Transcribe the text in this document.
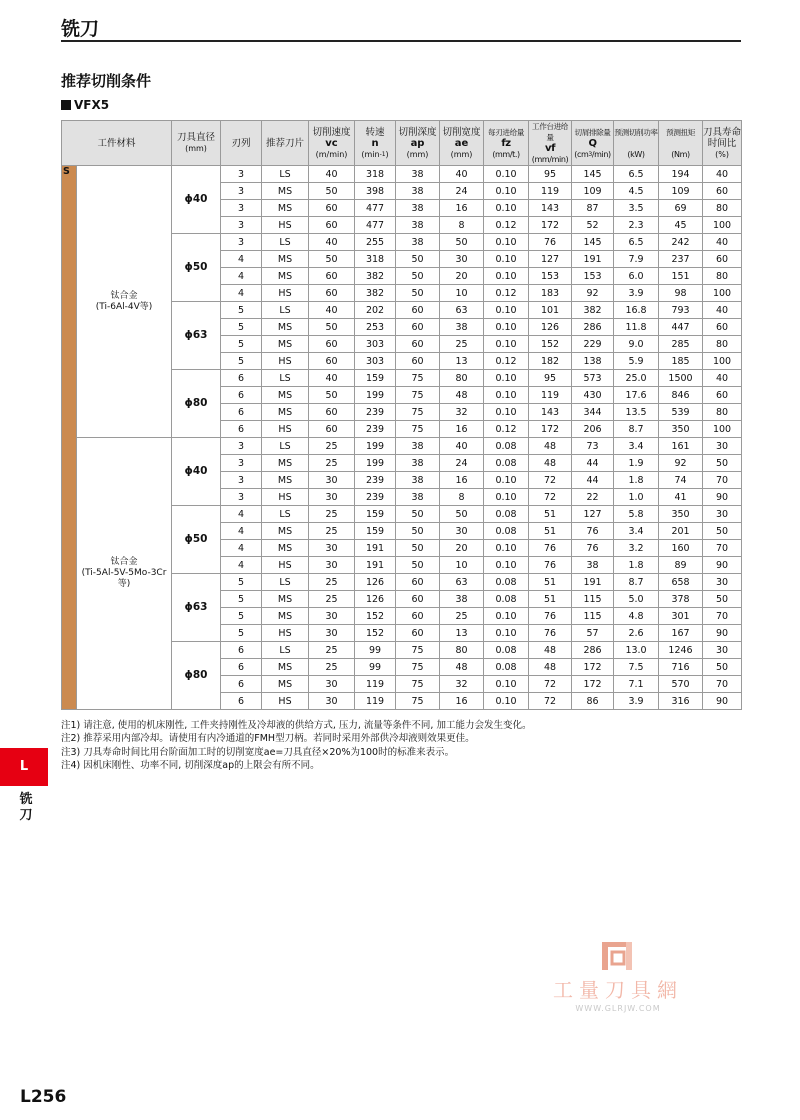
铣刀
推荐切削条件
VFX5
工件材料		刀具直径
(mm)	刃列	推荐刀片	切削速度
vc
(m/min)	转速
n
$(\min^{-1})$	切削深度
ap
(mm)	切削宽度
ae
(mm)	每刃进给量
fz
(mm/t.)	工作台进给量
vf
(mm/min)	切屑排除量
Q
$(cm^3/\min)$	预测切削功率

(kW)	预测扭矩

(Nm)	刀具寿命
时间比
(%)
S	钛合金
(Ti-6Al-4V等)	ϕ40	3	LS	40	318	38	40	0.10	95	145	6.5	194	40
			3	MS	50	398	38	24	0.10	119	109	4.5	109	60
			3	MS	60	477	38	16	0.10	143	87	3.5	69	80
			3	HS	60	477	38	8	0.12	172	52	2.3	45	100
		ϕ50	3	LS	40	255	38	50	0.10	76	145	6.5	242	40
			4	MS	50	318	50	30	0.10	127	191	7.9	237	60
			4	MS	60	382	50	20	0.10	153	153	6.0	151	80
			4	HS	60	382	50	10	0.12	183	92	3.9	98	100
		ϕ63	5	LS	40	202	60	63	0.10	101	382	16.8	793	40
			5	MS	50	253	60	38	0.10	126	286	11.8	447	60
			5	MS	60	303	60	25	0.10	152	229	9.0	285	80
			5	HS	60	303	60	13	0.12	182	138	5.9	185	100
		ϕ80	6	LS	40	159	75	80	0.10	95	573	25.0	1500	40
			6	MS	50	199	75	48	0.10	119	430	17.6	846	60
			6	MS	60	239	75	32	0.10	143	344	13.5	539	80
			6	HS	60	239	75	16	0.12	172	206	8.7	350	100

	钛合金
(Ti-5Al-5V-5Mo-3Cr等)	ϕ40	3	LS	25	199	38	40	0.08	48	73	3.4	161	30
			3	MS	25	199	38	24	0.08	48	44	1.9	92	50
			3	MS	30	239	38	16	0.10	72	44	1.8	74	70
			3	HS	30	239	38	8	0.10	72	22	1.0	41	90
		ϕ50	4	LS	25	159	50	50	0.08	51	127	5.8	350	30
			4	MS	25	159	50	30	0.08	51	76	3.4	201	50
			4	MS	30	191	50	20	0.10	76	76	3.2	160	70
			4	HS	30	191	50	10	0.10	76	38	1.8	89	90
		ϕ63	5	LS	25	126	60	63	0.08	51	191	8.7	658	30
			5	MS	25	126	60	38	0.08	51	115	5.0	378	50
			5	MS	30	152	60	25	0.10	76	115	4.8	301	70
			5	HS	30	152	60	13	0.10	76	57	2.6	167	90
		ϕ80	6	LS	25	99	75	80	0.08	48	286	13.0	1246	30
			6	MS	25	99	75	48	0.08	48	172	7.5	716	50
			6	MS	30	119	75	32	0.10	72	172	7.1	570	70
			6	HS	30	119	75	16	0.10	72	86	3.9	316	90
注1) 请注意, 使用的机床刚性, 工件夹持刚性及冷却液的供给方式, 压力, 流量等条件不同, 加工能力会发生变化。
注2) 推荐采用内部冷却。请使用有内冷通道的FMH型刀柄。若同时采用外部供冷却液则效果更佳。
注3) 刀具寿命时间比用台阶面加工时的切削宽度ae=刀具直径×20%为100时的标准来表示。
注4) 因机床刚性、功率不同, 切削深度ap的上限会有所不同。
L
铣
刀
工量刀具網
WWW.GLRJW.COM
L256
